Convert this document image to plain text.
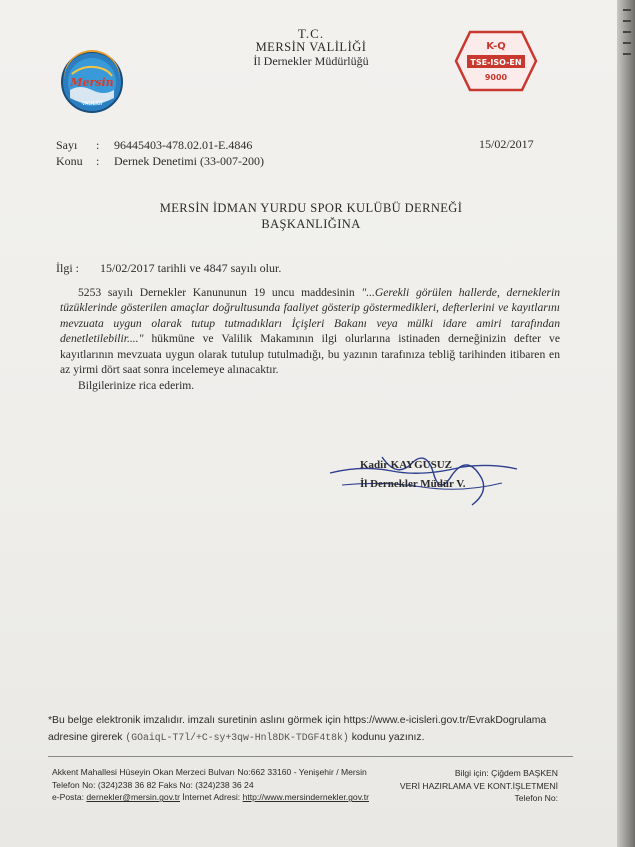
T.C.
MERSİN VALİLİĞİ
İl Dernekler Müdürlüğü
Mersin
VALİLİĞİ
K-Q
TSE-ISO-EN
9000
Sayı : 96445403-478.02.01-E.4846
Konu : Dernek Denetimi (33-007-200)
15/02/2017
MERSİN İDMAN YURDU SPOR KULÜBÜ DERNEĞİ
BAŞKANLIĞINA
İlgi : 15/02/2017 tarihli ve 4847 sayılı olur.
5253 sayılı Dernekler Kanununun 19 uncu maddesinin "...Gerekli görülen hallerde, derneklerin tüzüklerinde gösterilen amaçlar doğrultusunda faaliyet gösterip göstermedikleri, defterlerini ve kayıtlarını mevzuata uygun olarak tutup tutmadıkları İçişleri Bakanı veya mülki idare amiri tarafından denetletilebilir...." hükmüne ve Valilik Makamının ilgi olurlarına istinaden derneğinizin defter ve kayıtlarının mevzuata uygun olarak tutulup tutulmadığı, bu yazının tarafınıza tebliğ tarihinden itibaren en az yirmi dört saat sonra incelemeye alınacaktır.
Bilgilerinize rica ederim.
Kadir KAYGUSUZ
İl Dernekler Müdür V.
*Bu belge elektronik imzalıdır. imzalı suretinin aslını görmek için https://www.e-icisleri.gov.tr/EvrakDogrulama
adresine girerek (GOaiqL-T7l/+C-sy+3qw-Hnl8DK-TDGF4t8k) kodunu yazınız.
Akkent Mahallesi Hüseyin Okan Merzeci Bulvarı No:662 33160 - Yenişehir / Mersin
Telefon No: (324)238 36 82 Faks No: (324)238 36 24
e-Posta: dernekler@mersin.gov.tr İnternet Adresi: http://www.mersindernekler.gov.tr
Bilgi için: Çiğdem BAŞKEN
VERİ HAZIRLAMA VE KONT.İŞLETMENİ
Telefon No:
